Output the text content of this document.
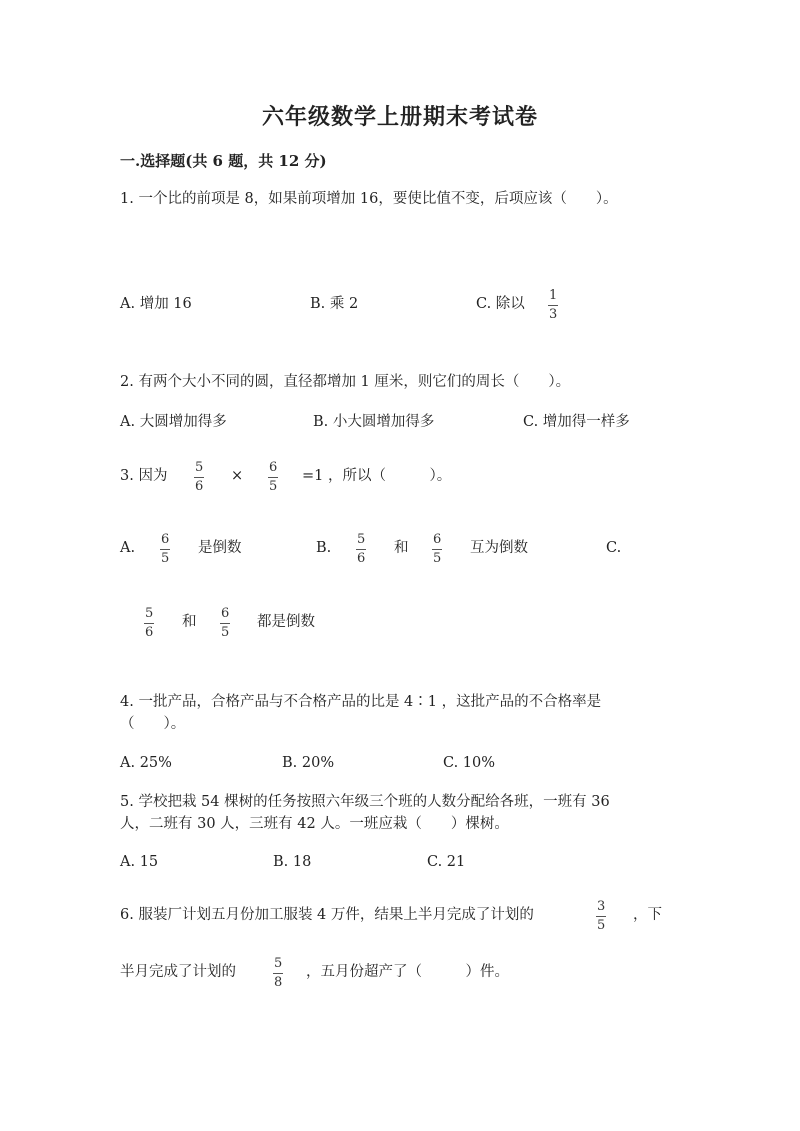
六年级数学上册期末考试卷
一.选择题(共 6 题，共 12 分)
1. 一个比的前项是 8，如果前项增加 16，要使比值不变，后项应该（　　）。
A. 增加 16	B. 乘 2	C. 除以 $\frac{1}{3}$
2. 有两个大小不同的圆，直径都增加 1 厘米，则它们的周长（　　）。
A. 大圆增加得多	B. 小大圆增加得多	C. 增加得一样多
3. 因为 $\frac{5}{6} \times \frac{6}{5} =1$ ，所以（　　　）。
A. $\frac{6}{5}$ 是倒数	B. $\frac{5}{6}$ 和 $\frac{6}{5}$ 互为倒数	C.
$\frac{5}{6}$ 和 $\frac{6}{5}$ 都是倒数
4. 一批产品，合格产品与不合格产品的比是 4∶1 ，这批产品的不合格率是
（　　）。
A. 25%	B. 20%	C. 10%
5. 学校把栽 54 棵树的任务按照六年级三个班的人数分配给各班，一班有 36
人，二班有 30 人，三班有 42 人。一班应栽（　　）棵树。
A. 15	B. 18	C. 21
6. 服装厂计划五月份加工服装 4 万件，结果上半月完成了计划的	$\frac{3}{5}$ ，下
半月完成了计划的	$\frac{5}{8}$ ，五月份超产了（　　　）件。
